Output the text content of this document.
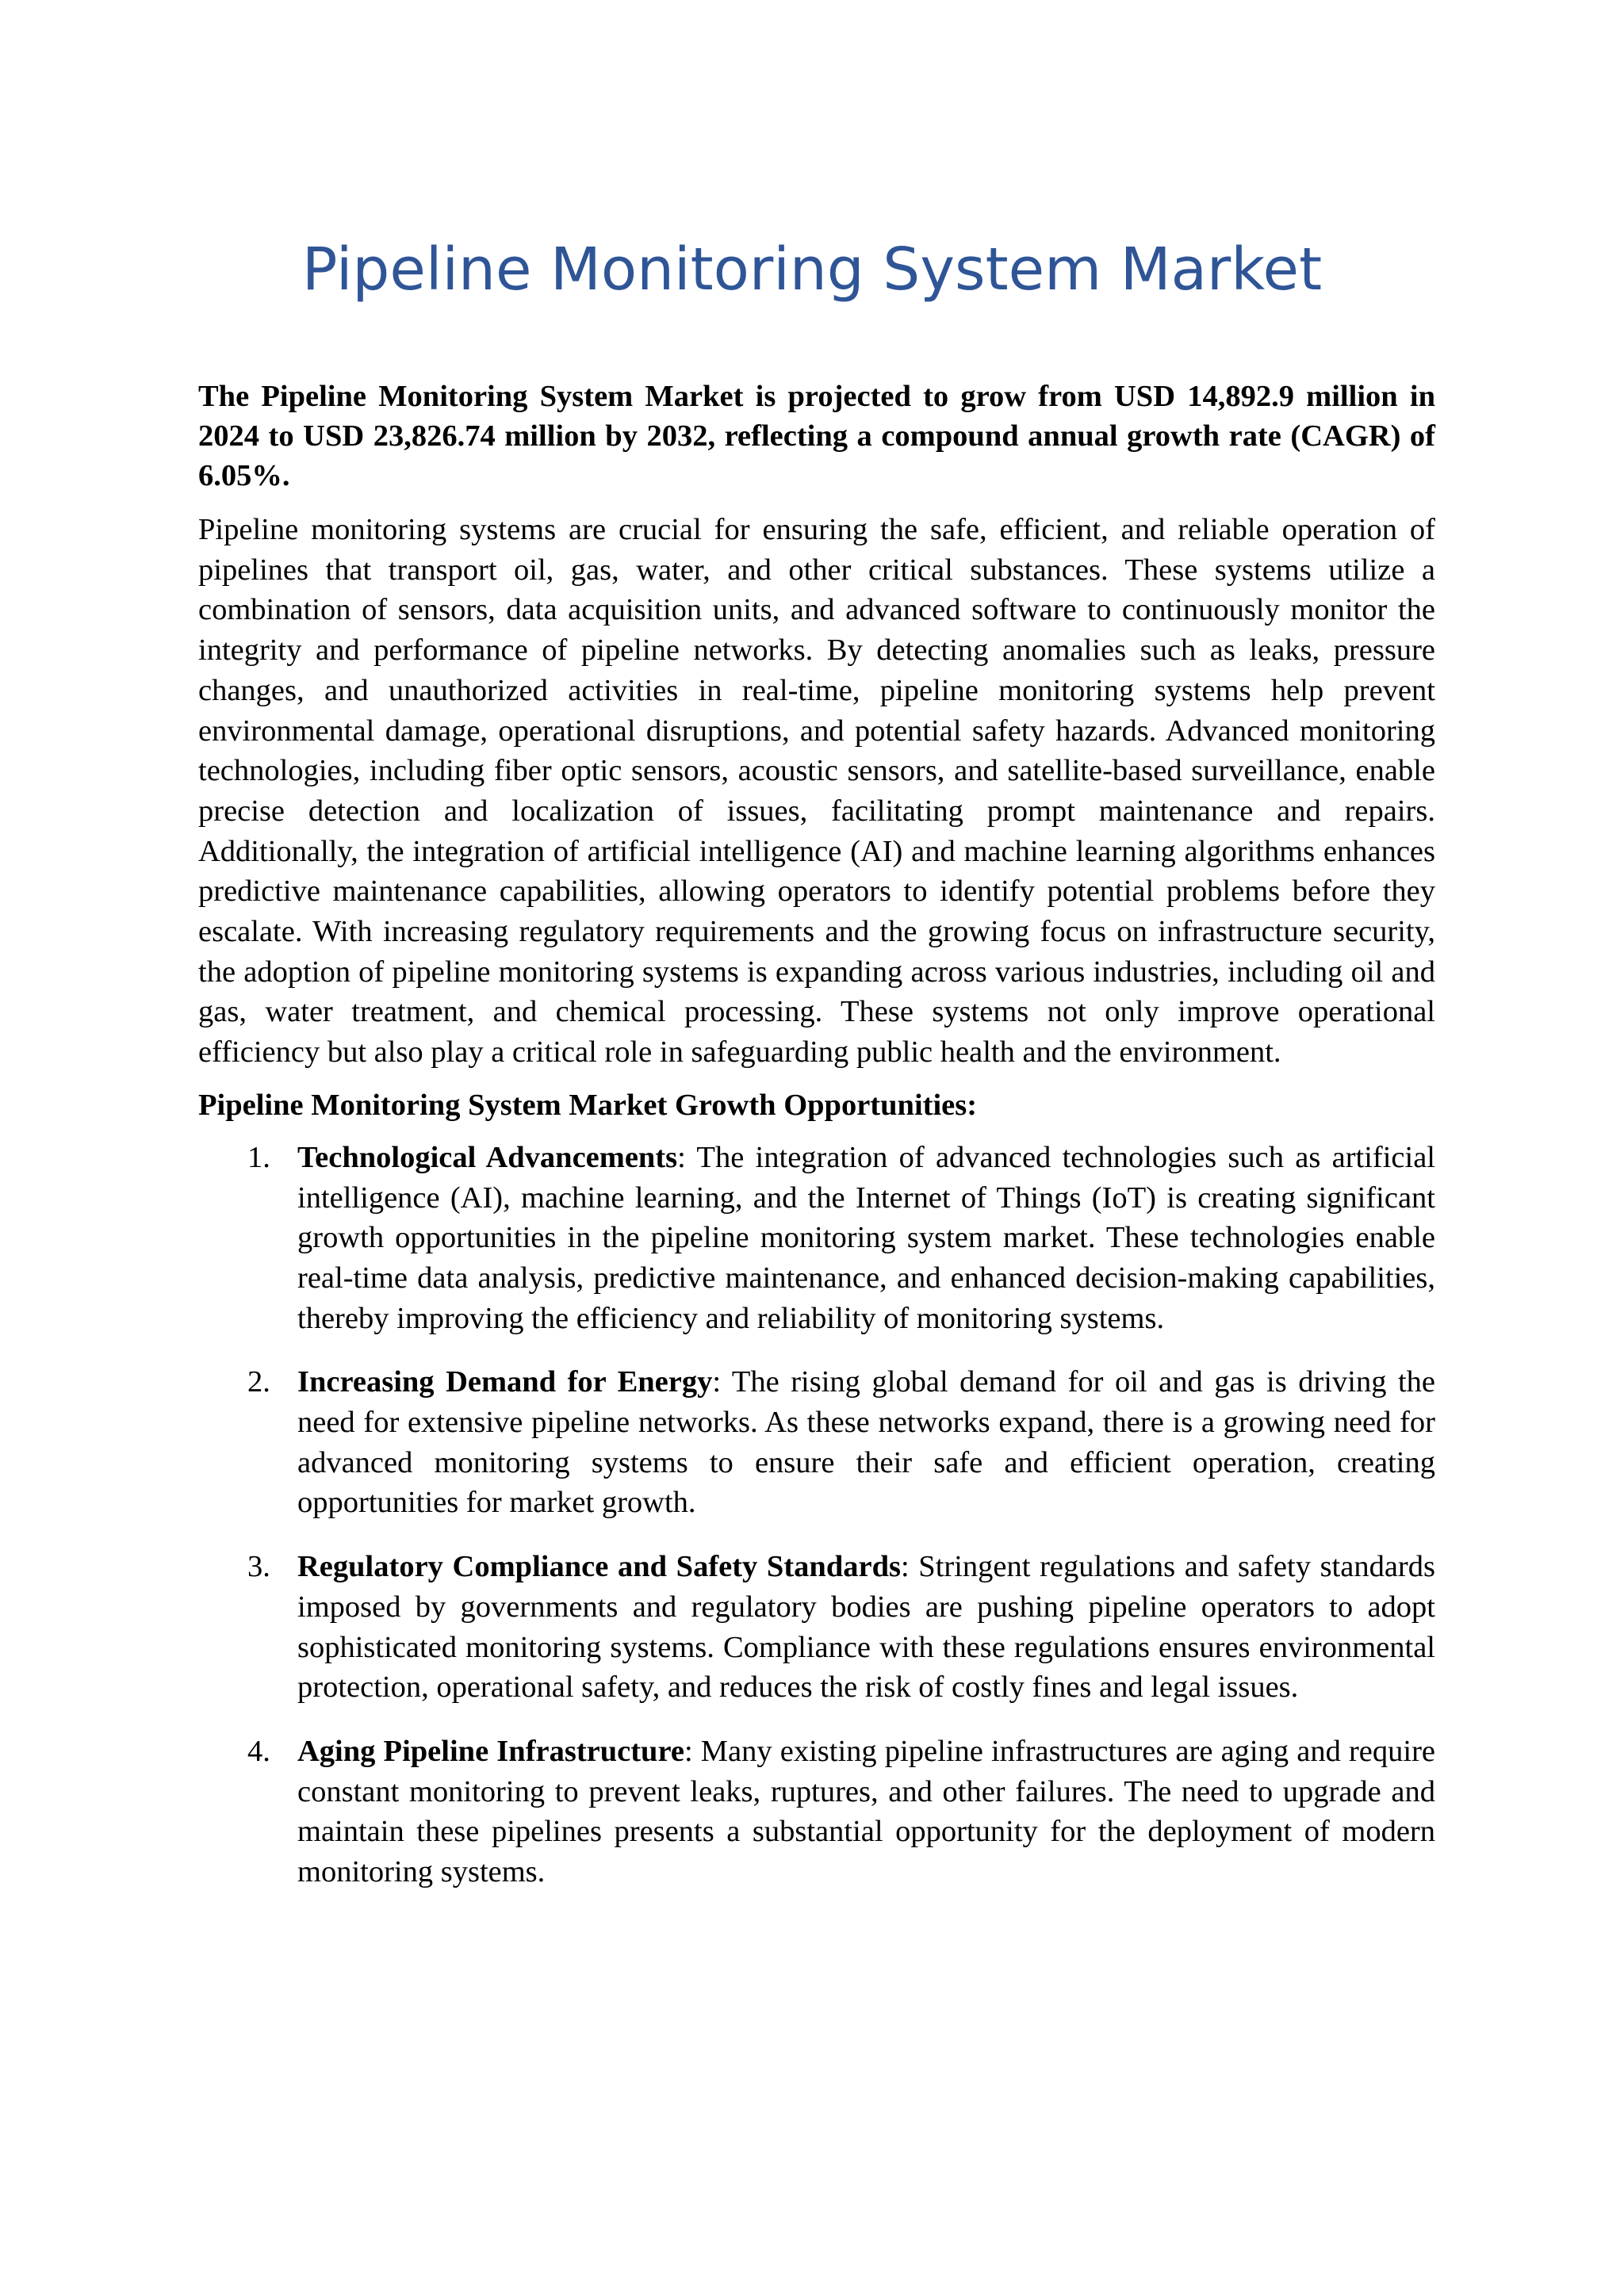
Pipeline Monitoring System Market

The Pipeline Monitoring System Market is projected to grow from USD 14,892.9 million in 2024 to USD 23,826.74 million by 2032, reflecting a compound annual growth rate (CAGR) of 6.05%.

Pipeline monitoring systems are crucial for ensuring the safe, efficient, and reliable operation of pipelines that transport oil, gas, water, and other critical substances. These systems utilize a combination of sensors, data acquisition units, and advanced software to continuously monitor the integrity and performance of pipeline networks. By detecting anomalies such as leaks, pressure changes, and unauthorized activities in real-time, pipeline monitoring systems help prevent environmental damage, operational disruptions, and potential safety hazards. Advanced monitoring technologies, including fiber optic sensors, acoustic sensors, and satellite-based surveillance, enable precise detection and localization of issues, facilitating prompt maintenance and repairs. Additionally, the integration of artificial intelligence (AI) and machine learning algorithms enhances predictive maintenance capabilities, allowing operators to identify potential problems before they escalate. With increasing regulatory requirements and the growing focus on infrastructure security, the adoption of pipeline monitoring systems is expanding across various industries, including oil and gas, water treatment, and chemical processing. These systems not only improve operational efficiency but also play a critical role in safeguarding public health and the environment.

Pipeline Monitoring System Market Growth Opportunities:

1. Technological Advancements: The integration of advanced technologies such as artificial intelligence (AI), machine learning, and the Internet of Things (IoT) is creating significant growth opportunities in the pipeline monitoring system market. These technologies enable real-time data analysis, predictive maintenance, and enhanced decision-making capabilities, thereby improving the efficiency and reliability of monitoring systems.
2. Increasing Demand for Energy: The rising global demand for oil and gas is driving the need for extensive pipeline networks. As these networks expand, there is a growing need for advanced monitoring systems to ensure their safe and efficient operation, creating opportunities for market growth.
3. Regulatory Compliance and Safety Standards: Stringent regulations and safety standards imposed by governments and regulatory bodies are pushing pipeline operators to adopt sophisticated monitoring systems. Compliance with these regulations ensures environmental protection, operational safety, and reduces the risk of costly fines and legal issues.
4. Aging Pipeline Infrastructure: Many existing pipeline infrastructures are aging and require constant monitoring to prevent leaks, ruptures, and other failures. The need to upgrade and maintain these pipelines presents a substantial opportunity for the deployment of modern monitoring systems.
